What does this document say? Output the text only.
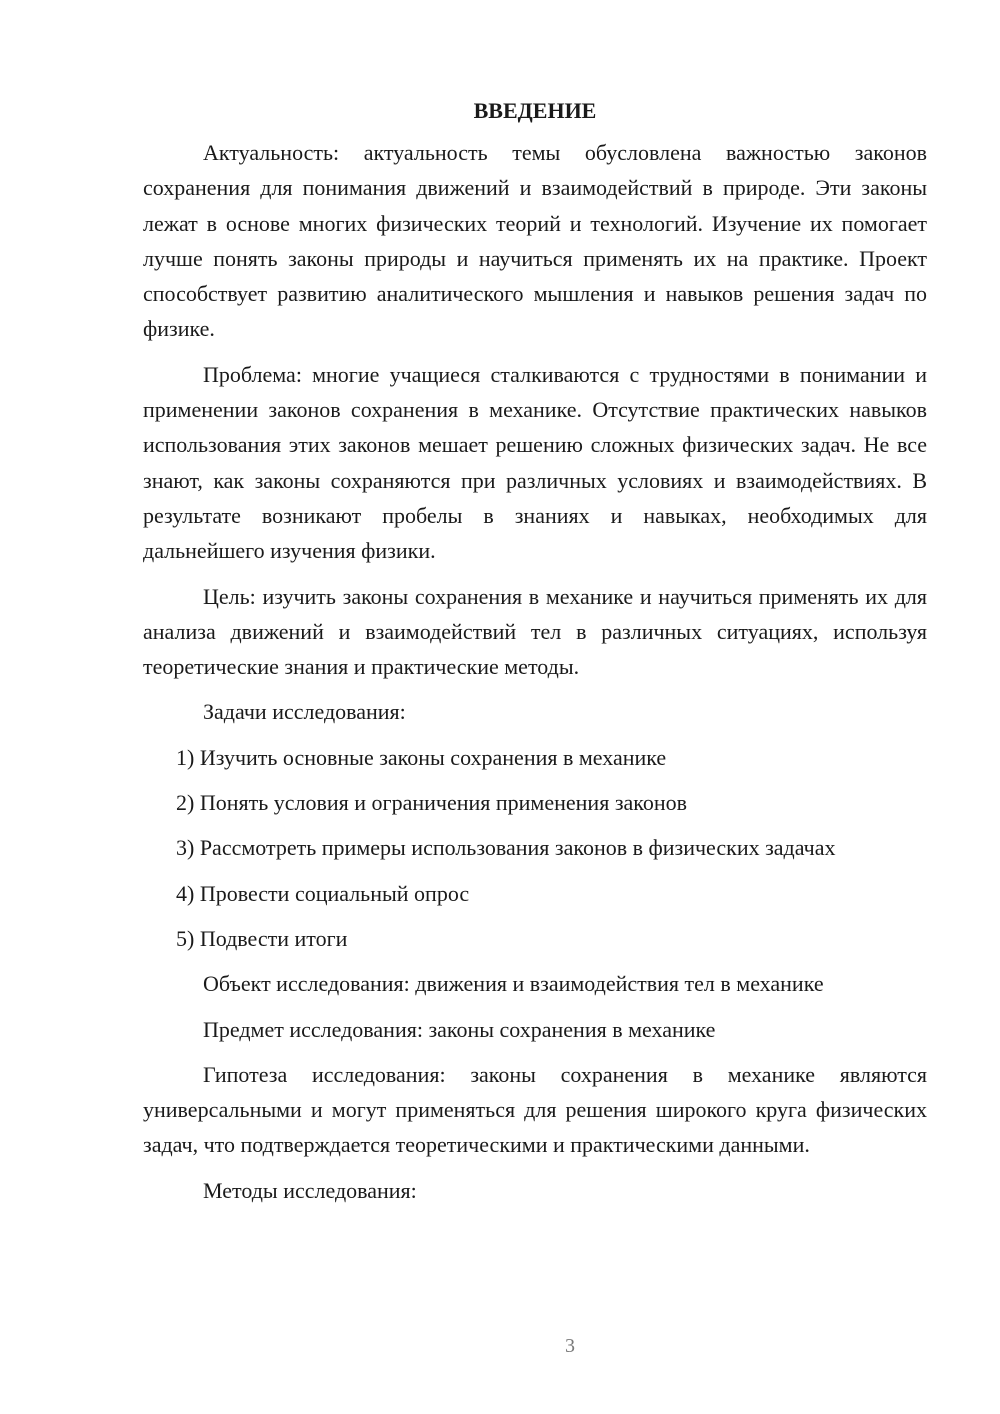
ВВЕДЕНИЕ

Актуальность: актуальность темы обусловлена важностью законов сохранения для понимания движений и взаимодействий в природе. Эти законы лежат в основе многих физических теорий и технологий. Изучение их помогает лучше понять законы природы и научиться применять их на практике. Проект способствует развитию аналитического мышления и навыков решения задач по физике.

Проблема: многие учащиеся сталкиваются с трудностями в понимании и применении законов сохранения в механике. Отсутствие практических навыков использования этих законов мешает решению сложных физических задач. Не все знают, как законы сохраняются при различных условиях и взаимодействиях. В результате возникают пробелы в знаниях и навыках, необходимых для дальнейшего изучения физики.

Цель: изучить законы сохранения в механике и научиться применять их для анализа движений и взаимодействий тел в различных ситуациях, используя теоретические знания и практические методы.

Задачи исследования:

1) Изучить основные законы сохранения в механике
2) Понять условия и ограничения применения законов
3) Рассмотреть примеры использования законов в физических задачах
4) Провести социальный опрос
5) Подвести итоги

Объект исследования: движения и взаимодействия тел в механике

Предмет исследования: законы сохранения в механике

Гипотеза исследования: законы сохранения в механике являются универсальными и могут применяться для решения широкого круга физических задач, что подтверждается теоретическими и практическими данными.

Методы исследования:

3
